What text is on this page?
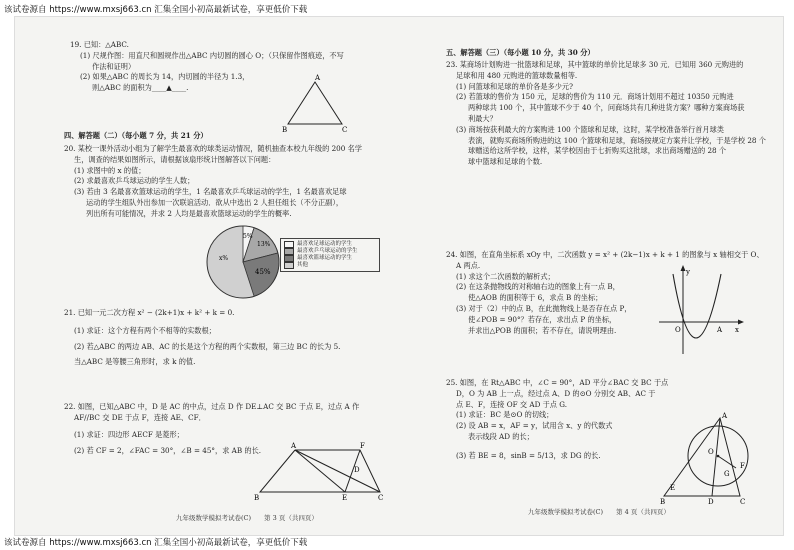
该试卷源自 https://www.mxsj663.cn 汇集全国小初高最新试卷，享更低价下载
19. 已知：△ABC.
(1) 尺规作图：用直尺和圆规作出△ABC 内切圆的圆心 O；（只保留作图痕迹，不写
作法和证明）
(2) 如果△ABC 的周长为 14，内切圆的半径为 1.3，
则△ABC 的面积为____▲____.
A
B	C
四、解答题（二）（每小题 7 分，共 21 分）
20. 某校一课外活动小组为了解学生最喜欢的球类运动情况，随机抽查本校九年级的 200 名学
生，调查的结果如图所示，请根据该扇形统计图解答以下问题：
(1) 求图中的 x 的值；
(2) 求最喜欢乒乓球运动的学生人数；
(3) 若由 3 名最喜欢篮球运动的学生，1 名最喜欢乒乓球运动的学生，1 名最喜欢足球
运动的学生组队外出参加一次联谊活动．欲从中选出 2 人担任组长（不分正副），
列出所有可能情况，并求 2 人均是最喜欢篮球运动的学生的概率.
5%
13%
x%
45%
最喜欢足球运动的学生
最喜欢乒乓球运动的学生
最喜欢篮球运动的学生
其他
21. 已知一元二次方程 x² − (2k+1)x + k² + k = 0.
(1) 求证：这个方程有两个不相等的实数根；
(2) 若△ABC 的两边 AB、AC 的长是这个方程的两个实数根，第三边 BC 的长为 5.
当△ABC 是等腰三角形时，求 k 的值.
22. 如图，已知△ABC 中，D 是 AC 的中点，过点 D 作 DE⊥AC 交 BC 于点 E，过点 A 作
AF//BC 交 DE 于点 F，连接 AE、CF．
(1) 求证：四边形 AECF 是菱形；
(2) 若 CF = 2，∠FAC = 30°，∠B = 45°，求 AB 的长.
A	F
D
B	E	C
九年级数学模拟考试卷(C)　　第 3 页（共四页）
五、解答题（三）（每小题 10 分，共 30 分）
23. 某商场计划购进一批篮球和足球，其中篮球的单价比足球多 30 元．已知用 360 元购进的
足球和用 480 元购进的篮球数量相等.
(1) 问篮球和足球的单价各是多少元?
(2) 若篮球的售价为 150 元，足球的售价为 110 元．商场计划用不超过 10350 元购进
两种球共 100 个，其中篮球不少于 40 个，问商场共有几种进货方案？哪种方案商场获
利最大？
(3) 商场按获利最大的方案购进 100 个篮球和足球，这时，某学校准备举行首月球类
表演，就购买商场所购进的这 100 个篮球和足球，商场按规定方案并让学校，于是学校 28 个
球赠送给这所学校，这样，某学校因由于七折购买这批球，求出商场赠送的 28 个
球中篮球和足球的个数.
24. 如图，在直角坐标系 xOy 中，二次函数 y = x² + (2k−1)x + k + 1 的图象与 x 轴相交于 O、
A 两点.
(1) 求这个二次函数的解析式；
(2) 在这条抛物线的对称轴右边的图象上有一点 B，
使△AOB 的面积等于 6，求点 B 的坐标；
(3) 对于（2）中的点 B，在此抛物线上是否存在点 P，
使∠POB = 90°？若存在，求出点 P 的坐标，
并求出△POB 的面积；若不存在，请说明理由.
y
x
O	A
25. 如图，在 Rt△ABC 中，∠C = 90°，AD 平分∠BAC 交 BC 于点
D，O 为 AB 上一点，经过点 A、D 的⊙O 分别交 AB、AC 于
点 E、F，连接 OF 交 AD 于点 G.
(1) 求证：BC 是⊙O 的切线；
(2) 设 AB = x，AF = y，试用含 x、y 的代数式
表示线段 AD 的长；
(3) 若 BE = 8，sinB = 5/13，求 DG 的长.
A
O
F
G
B
E
D	C
九年级数学模拟考试卷(C)　　第 4 页（共四页）
该试卷源自 https://www.mxsj663.cn 汇集全国小初高最新试卷，享更低价下载
